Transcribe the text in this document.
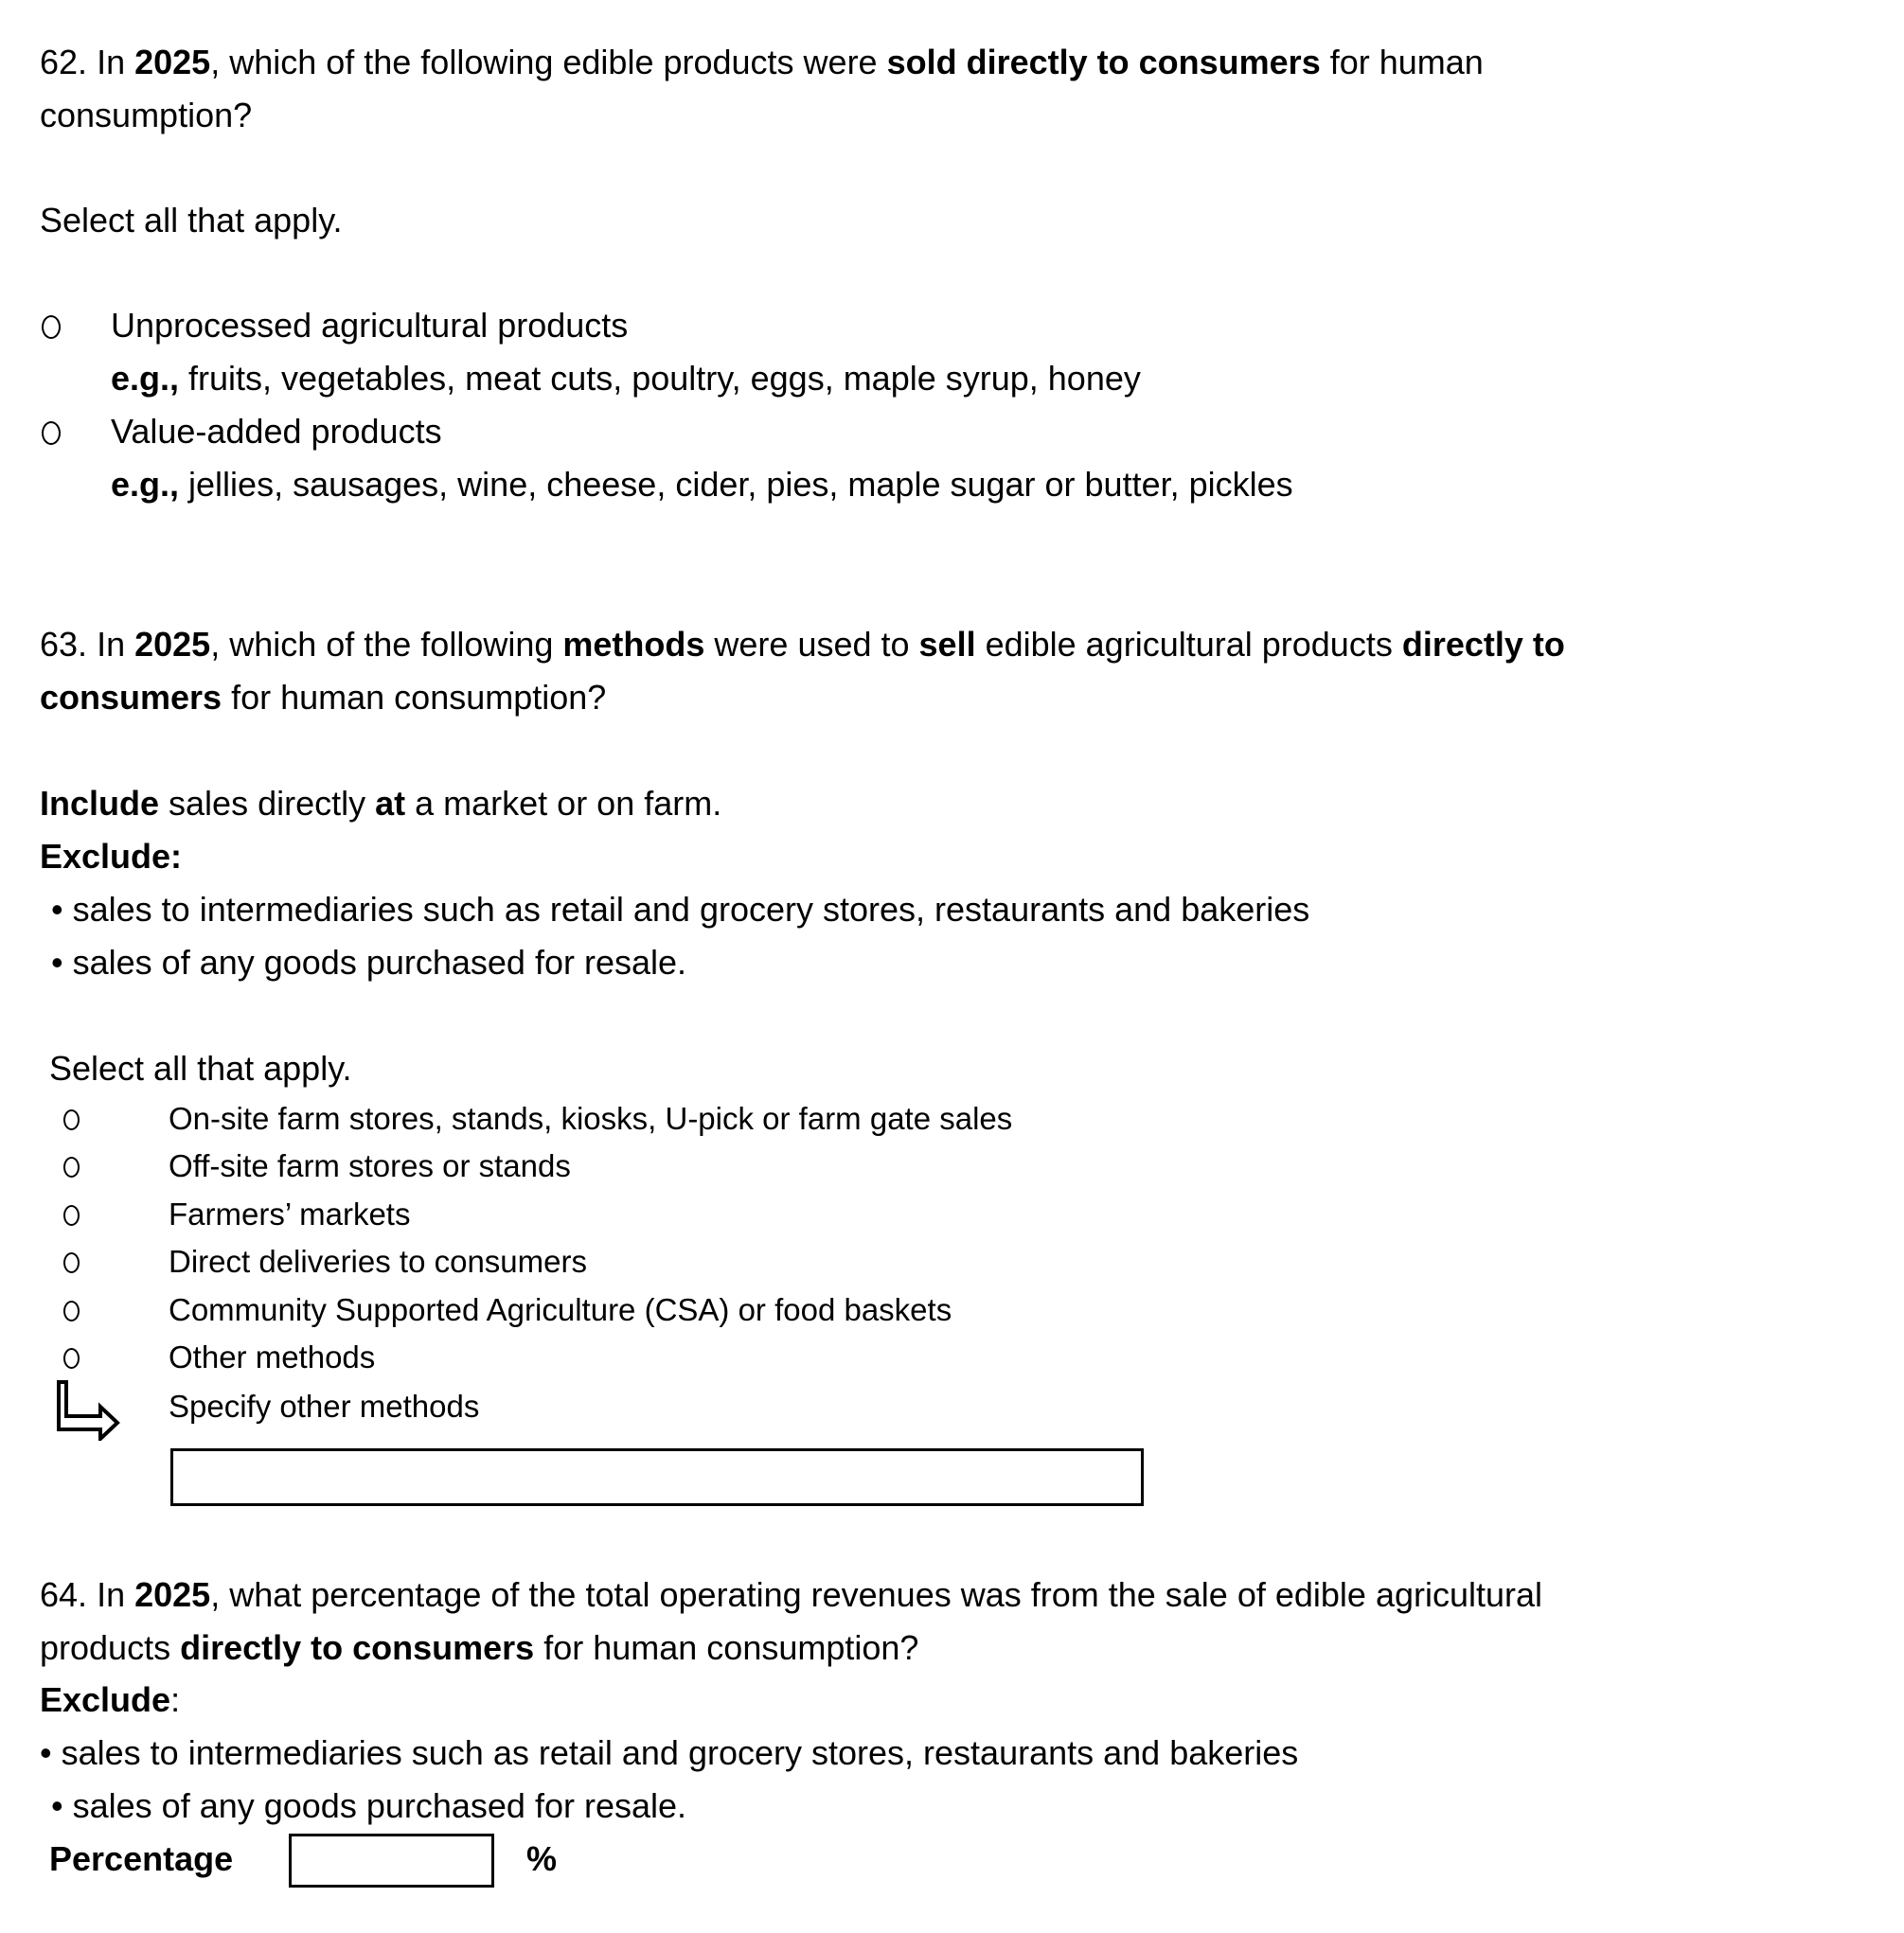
62. In 2025, which of the following edible products were sold directly to consumers for human
consumption?
Select all that apply.
Unprocessed agricultural products
e.g., fruits, vegetables, meat cuts, poultry, eggs, maple syrup, honey
Value-added products
e.g., jellies, sausages, wine, cheese, cider, pies, maple sugar or butter, pickles
63. In 2025, which of the following methods were used to sell edible agricultural products directly to
consumers for human consumption?
Include sales directly at a market or on farm.
Exclude:
• sales to intermediaries such as retail and grocery stores, restaurants and bakeries
• sales of any goods purchased for resale.
Select all that apply.
On-site farm stores, stands, kiosks, U-pick or farm gate sales
Off-site farm stores or stands
Farmers’ markets
Direct deliveries to consumers
Community Supported Agriculture (CSA) or food baskets
Other methods
Specify other methods
64. In 2025, what percentage of the total operating revenues was from the sale of edible agricultural
products directly to consumers for human consumption?
Exclude:
• sales to intermediaries such as retail and grocery stores, restaurants and bakeries
• sales of any goods purchased for resale.
Percentage	%
